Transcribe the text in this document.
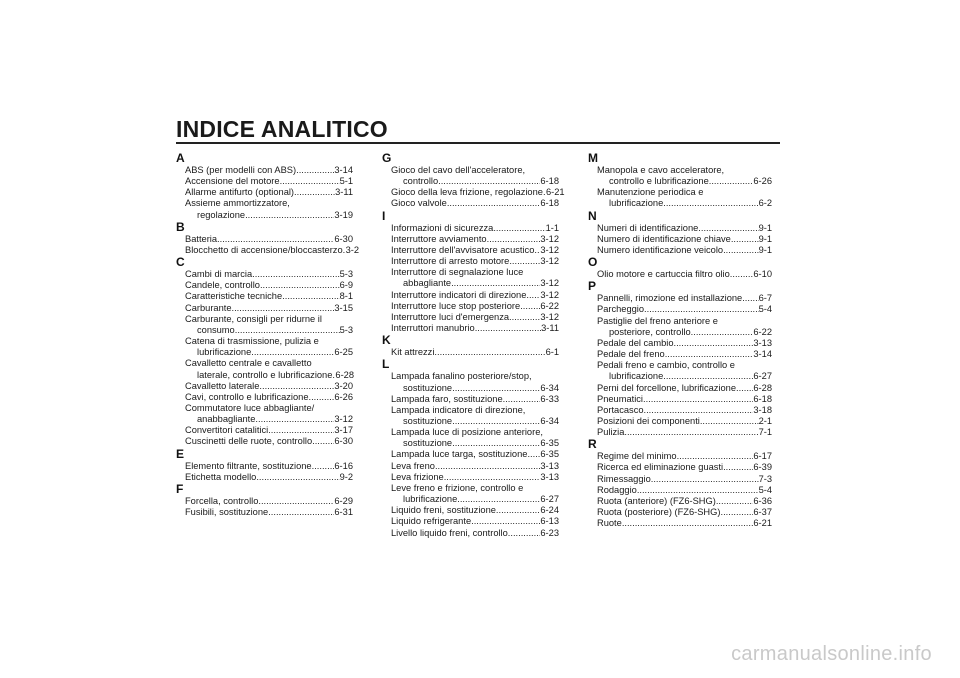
INDICE ANALITICO
A
ABS (per modelli con ABS) .....	3-14
Accensione del motore .....	5-1
Allarme antifurto (optional) .....	3-11
Assieme ammortizzatore,
regolazione .....	3-19
B
Batteria .....	6-30
Blocchetto di accensione/bloccasterzo ..... 3-2
C
Cambi di marcia .....	5-3
Candele, controllo .....	6-9
Caratteristiche tecniche .....	8-1
Carburante .....	3-15
Carburante, consigli per ridurne il
consumo .....	5-3
Catena di trasmissione, pulizia e
lubrificazione .....	6-25
Cavalletto centrale e cavalletto
laterale, controllo e lubrificazione ..... 6-28
Cavalletto laterale .....	3-20
Cavi, controllo e lubrificazione .....	6-26
Commutatore luce abbagliante/
anabbagliante .....	3-12
Convertitori catalitici .....	3-17
Cuscinetti delle ruote, controllo ..... 6-30
E
Elemento filtrante, sostituzione ..... 6-16
Etichetta modello .....	9-2
F
Forcella, controllo .....	6-29
Fusibili, sostituzione .....	6-31
G
Gioco del cavo dell'acceleratore,
controllo .....	6-18
Gioco della leva frizione, regolazione ..... 6-21
Gioco valvole .....	6-18
I
Informazioni di sicurezza .....	1-1
Interruttore avviamento .....	3-12
Interruttore dell'avvisatore acustico ..... 3-12
Interruttore di arresto motore .....	3-12
Interruttore di segnalazione luce
abbagliante .....	3-12
Interruttore indicatori di direzione ..... 3-12
Interruttore luce stop posteriore ..... 6-22
Interruttore luci d'emergenza .....	3-12
Interruttori manubrio .....	3-11
K
Kit attrezzi .....	6-1
L
Lampada fanalino posteriore/stop,
sostituzione .....	6-34
Lampada faro, sostituzione .....	6-33
Lampada indicatore di direzione,
sostituzione .....	6-34
Lampada luce di posizione anteriore,
sostituzione .....	6-35
Lampada luce targa, sostituzione ..... 6-35
Leva freno .....	3-13
Leva frizione .....	3-13
Leve freno e frizione, controllo e
lubrificazione .....	6-27
Liquido freni, sostituzione .....	6-24
Liquido refrigerante .....	6-13
Livello liquido freni, controllo .....	6-23
M
Manopola e cavo acceleratore,
controllo e lubrificazione .....	6-26
Manutenzione periodica e
lubrificazione .....	6-2
N
Numeri di identificazione .....	9-1
Numero di identificazione chiave .....	9-1
Numero identificazione veicolo .....	9-1
O
Olio motore e cartuccia filtro olio .....	6-10
P
Pannelli, rimozione ed installazione ..... 6-7
Parcheggio .....	5-4
Pastiglie del freno anteriore e
posteriore, controllo .....	6-22
Pedale del cambio .....	3-13
Pedale del freno .....	3-14
Pedali freno e cambio, controllo e
lubrificazione .....	6-27
Perni del forcellone, lubrificazione ..... 6-28
Pneumatici .....	6-18
Portacasco .....	3-18
Posizioni dei componenti .....	2-1
Pulizia .....	7-1
R
Regime del minimo .....	6-17
Ricerca ed eliminazione guasti .....	6-39
Rimessaggio .....	7-3
Rodaggio .....	5-4
Ruota (anteriore) (FZ6-SHG) .....	6-36
Ruota (posteriore) (FZ6-SHG) .....	6-37
Ruote .....	6-21
carmanualsonline.info
